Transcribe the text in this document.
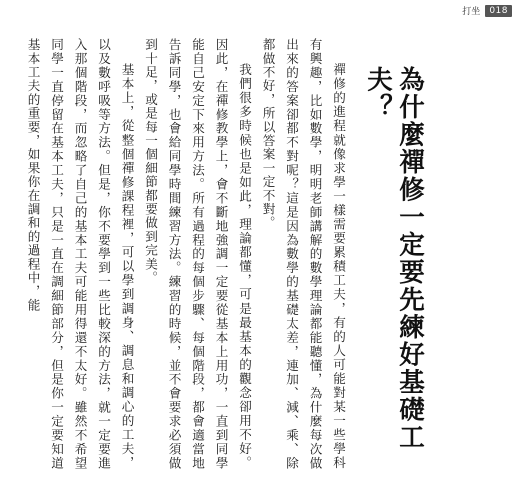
打坐	018
為什麼禪修一定要先練好基礎工夫？

禪修的進程就像求學一樣需要累積工夫，有的人可能對某一些學科有興趣，比如數學，明明老師講解的數學理論都能聽懂，為什麼每次做出來的答案卻都不對呢？這是因為數學的基礎太差，連加、減、乘、除都做不好，所以答案一定不對。

我們很多時候也是如此，理論都懂，可是最基本的觀念卻用不好。因此，在禪修教學上，會不斷地強調一定要從基本上用功，一直到同學能自己安定下來用方法。所有過程的每個步驟、每個階段，都會適當地告訴同學，也會給同學時間練習方法。練習的時候，並不會要求必須做到十足，或是每一個細節都要做到完美。

基本上，從整個禪修課程裡，可以學到調身、調息和調心的工夫，以及數呼吸等方法。但是，你不要學到一些比較深的方法，就一定要進入那個階段，而忽略了自己的基本工夫可能用得還不太好。雖然不希望同學一直停留在基本工夫，只是一直在調細節部分，但是你一定要知道基本工夫的重要，如果你在調和的過程中，能
